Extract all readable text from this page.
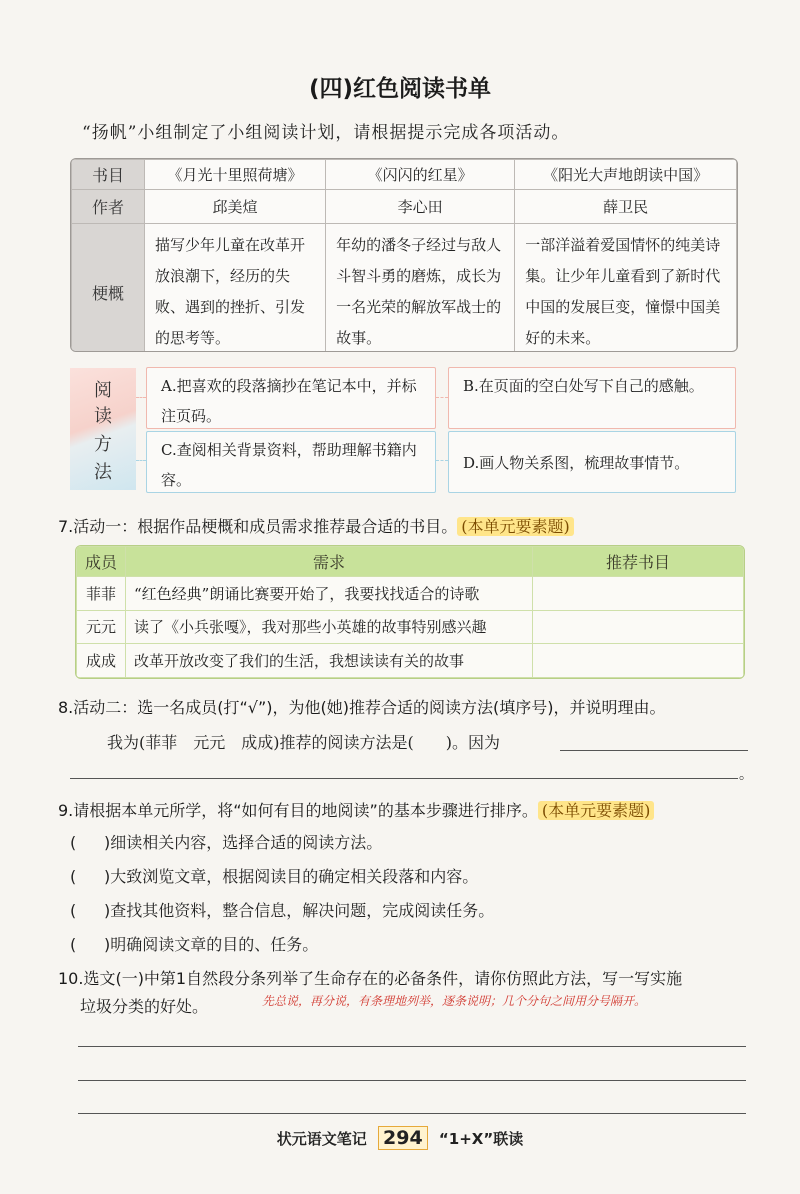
(四)红色阅读书单
“扬帆”小组制定了小组阅读计划，请根据提示完成各项活动。
书目	《月光十里照荷塘》	《闪闪的红星》	《阳光大声地朗读中国》
作者	邱美煊	李心田	薛卫民
梗概	描写少年儿童在改革开放浪潮下，经历的失败、遇到的挫折、引发的思考等。	年幼的潘冬子经过与敌人斗智斗勇的磨炼，成长为一名光荣的解放军战士的故事。	一部洋溢着爱国情怀的纯美诗集。让少年儿童看到了新时代中国的发展巨变，憧憬中国美好的未来。
阅
读
方
法
A.把喜欢的段落摘抄在笔记本中，并标注页码。
B.在页面的空白处写下自己的感触。
C.查阅相关背景资料，帮助理解书籍内容。
D.画人物关系图，梳理故事情节。
7.活动一：根据作品梗概和成员需求推荐最合适的书目。 (本单元要素题)
成员	需求	推荐书目
菲菲	“红色经典”朗诵比赛要开始了，我要找找适合的诗歌	
元元	读了《小兵张嘎》，我对那些小英雄的故事特别感兴趣	
成成	改革开放改变了我们的生活，我想读读有关的故事	
8.活动二：选一名成员(打“√”)，为他(她)推荐合适的阅读方法(填序号)，并说明理由。
我为(菲菲　元元　成成)推荐的阅读方法是(　　)。因为
。
9.请根据本单元所学，将“如何有目的地阅读”的基本步骤进行排序。 (本单元要素题)
(　　
)细读相关内容，选择合适的阅读方法。
(　　
)大致浏览文章，根据阅读目的确定相关段落和内容。
(　　
)查找其他资料，整合信息，解决问题，完成阅读任务。
(　　
)明确阅读文章的目的、任务。
10.选文(一)中第1自然段分条列举了生命存在的必备条件，请你仿照此方法，写一写实施
垃圾分类的好处。	先总说，再分说，有条理地列举，逐条说明；几个分句之间用分号隔开。
状元语文笔记 294 “1+X”联读
